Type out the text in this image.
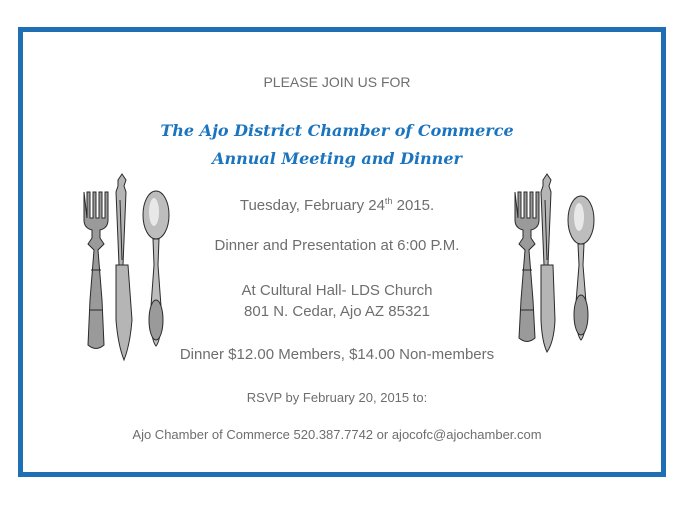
PLEASE JOIN US FOR
The Ajo District Chamber of Commerce
Annual Meeting and Dinner
Tuesday, February 24th 2015.
Dinner and Presentation at 6:00 P.M.
At Cultural Hall- LDS Church
801 N. Cedar, Ajo AZ 85321
Dinner $12.00 Members, $14.00 Non-members
RSVP by February 20, 2015 to:
Ajo Chamber of Commerce 520.387.7742 or ajocofc@ajochamber.com
